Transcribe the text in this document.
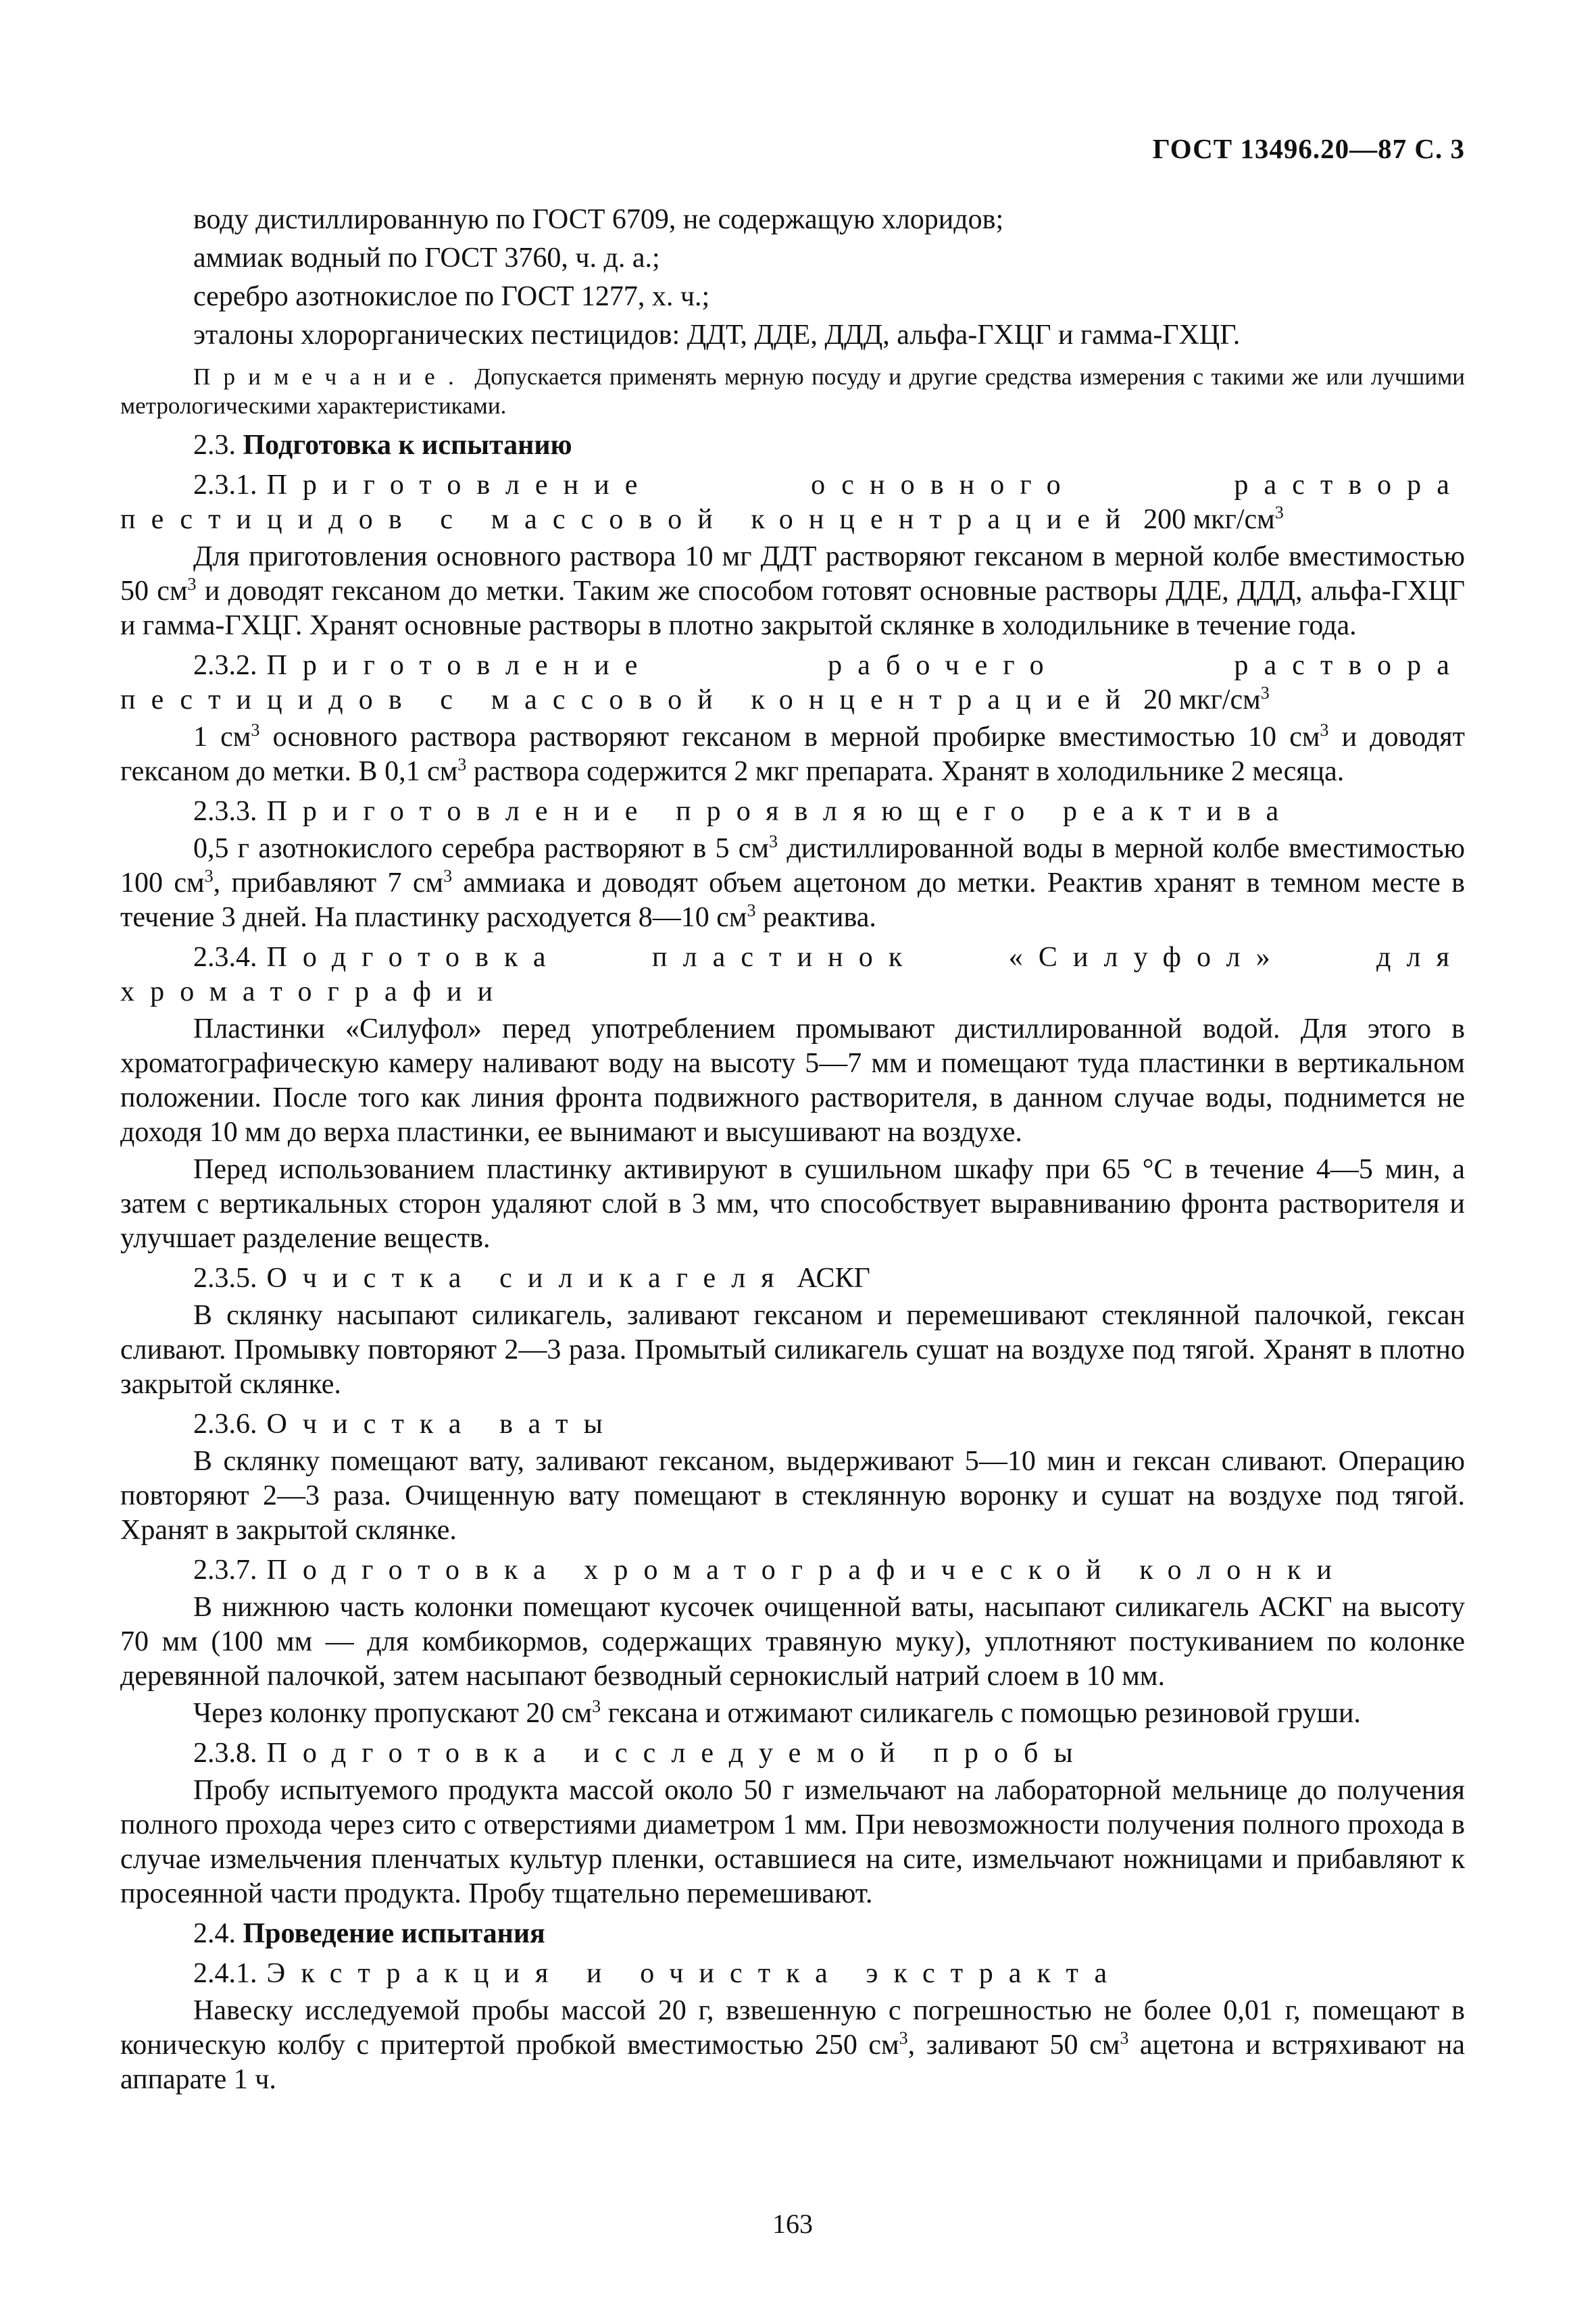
ГОСТ 13496.20—87 С. 3

воду дистиллированную по ГОСТ 6709, не содержащую хлоридов;

аммиак водный по ГОСТ 3760, ч. д. а.;

серебро азотнокислое по ГОСТ 1277, х. ч.;

эталоны хлорорганических пестицидов: ДДТ, ДДЕ, ДДД, альфа-ГХЦГ и гамма-ГХЦГ.

Примечание. Допускается применять мерную посуду и другие средства измерения с такими же или лучшими метрологическими характеристиками.

2.3. Подготовка к испытанию

2.3.1. Приготовление основного раствора пестицидов с массовой концентрацией 200 мкг/$см^3$

Для приготовления основного раствора 10 мг ДДТ растворяют гексаном в мерной колбе вместимостью 50 $см^3$ и доводят гексаном до метки. Таким же способом готовят основные растворы ДДЕ, ДДД, альфа-ГХЦГ и гамма-ГХЦГ. Хранят основные растворы в плотно закрытой склянке в холодильнике в течение года.

2.3.2. Приготовление рабочего раствора пестицидов с массовой концентрацией 20 мкг/$см^3$

1 $см^3$ основного раствора растворяют гексаном в мерной пробирке вместимостью 10 $см^3$ и доводят гексаном до метки. В 0,1 $см^3$ раствора содержится 2 мкг препарата. Хранят в холодильнике 2 месяца.

2.3.3. Приготовление проявляющего реактива

0,5 г азотнокислого серебра растворяют в 5 $см^3$ дистиллированной воды в мерной колбе вместимостью 100 $см^3$, прибавляют 7 $см^3$ аммиака и доводят объем ацетоном до метки. Реактив хранят в темном месте в течение 3 дней. На пластинку расходуется 8—10 $см^3$ реактива.

2.3.4. Подготовка пластинок «Силуфол» для хроматографии

Пластинки «Силуфол» перед употреблением промывают дистиллированной водой. Для этого в хроматографическую камеру наливают воду на высоту 5—7 мм и помещают туда пластинки в вертикальном положении. После того как линия фронта подвижного растворителя, в данном случае воды, поднимется не доходя 10 мм до верха пластинки, ее вынимают и высушивают на воздухе.

Перед использованием пластинку активируют в сушильном шкафу при 65 °С в течение 4—5 мин, а затем с вертикальных сторон удаляют слой в 3 мм, что способствует выравниванию фронта растворителя и улучшает разделение веществ.

2.3.5. Очистка силикагеля АСКГ

В склянку насыпают силикагель, заливают гексаном и перемешивают стеклянной палочкой, гексан сливают. Промывку повторяют 2—3 раза. Промытый силикагель сушат на воздухе под тягой. Хранят в плотно закрытой склянке.

2.3.6. Очистка ваты

В склянку помещают вату, заливают гексаном, выдерживают 5—10 мин и гексан сливают. Операцию повторяют 2—3 раза. Очищенную вату помещают в стеклянную воронку и сушат на воздухе под тягой. Хранят в закрытой склянке.

2.3.7. Подготовка хроматографической колонки

В нижнюю часть колонки помещают кусочек очищенной ваты, насыпают силикагель АСКГ на высоту 70 мм (100 мм — для комбикормов, содержащих травяную муку), уплотняют постукиванием по колонке деревянной палочкой, затем насыпают безводный сернокислый натрий слоем в 10 мм.

Через колонку пропускают 20 $см^3$ гексана и отжимают силикагель с помощью резиновой груши.

2.3.8. Подготовка исследуемой пробы

Пробу испытуемого продукта массой около 50 г измельчают на лабораторной мельнице до получения полного прохода через сито с отверстиями диаметром 1 мм. При невозможности получения полного прохода в случае измельчения пленчатых культур пленки, оставшиеся на сите, измельчают ножницами и прибавляют к просеянной части продукта. Пробу тщательно перемешивают.

2.4. Проведение испытания

2.4.1. Экстракция и очистка экстракта

Навеску исследуемой пробы массой 20 г, взвешенную с погрешностью не более 0,01 г, помещают в коническую колбу с притертой пробкой вместимостью 250 $см^3$, заливают 50 $см^3$ ацетона и встряхивают на аппарате 1 ч.

163
